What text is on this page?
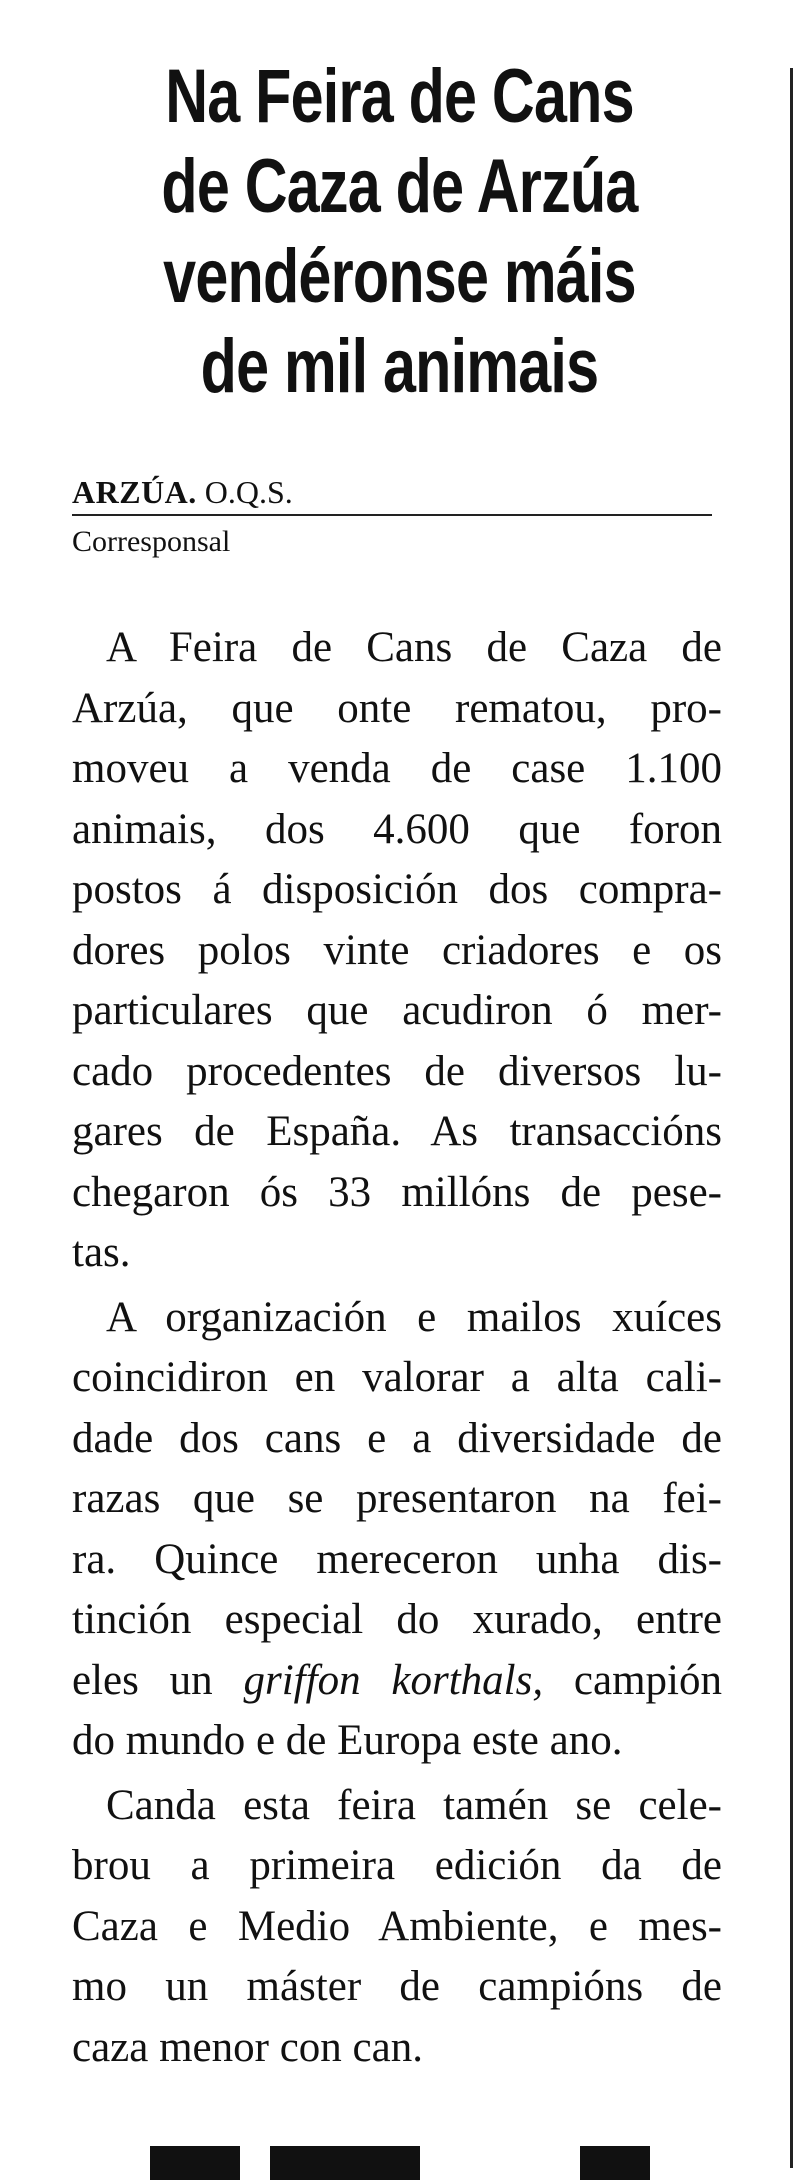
Na Feira de Cans
de Caza de Arzúa
vendéronse máis
de mil animais
ARZÚA. O.Q.S.
Corresponsal
A Feira de Cans de Caza de
Arzúa, que onte rematou, pro-
moveu a venda de case 1.100
animais, dos 4.600 que foron
postos á disposición dos compra-
dores polos vinte criadores e os
particulares que acudiron ó mer-
cado procedentes de diversos lu-
gares de España. As transaccións
chegaron ós 33 millóns de pese-
tas.
A organización e mailos xuíces
coincidiron en valorar a alta cali-
dade dos cans e a diversidade de
razas que se presentaron na fei-
ra. Quince mereceron unha dis-
tinción especial do xurado, entre
eles un griffon korthals, campión
do mundo e de Europa este ano.
Canda esta feira tamén se cele-
brou a primeira edición da de
Caza e Medio Ambiente, e mes-
mo un máster de campións de
caza menor con can.
